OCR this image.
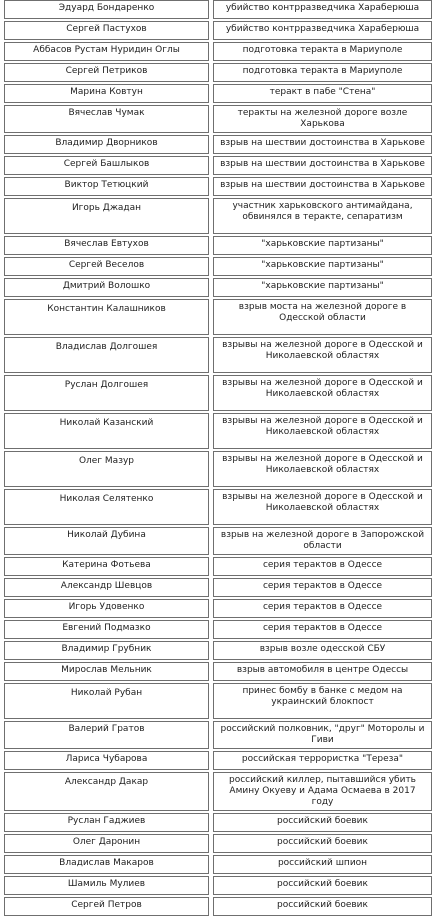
Эдуард Бондаренко	убийство контрразведчика Хараберюша
Сергей Пастухов	убийство контрразведчика Хараберюша
Аббасов Рустам Нуридин Оглы	подготовка теракта в Мариуполе
Сергей Петриков	подготовка теракта в Мариуполе
Марина Ковтун	теракт в пабе "Стена"
Вячеслав Чумак	теракты на железной дороге возле Харькова
Владимир Дворников	взрыв на шествии достоинства в Харькове
Сергей Башлыков	взрыв на шествии достоинства в Харькове
Виктор Тетюцкий	взрыв на шествии достоинства в Харькове
Игорь Джадан	участник харьковского антимайдана, обвинялся в теракте, сепаратизм
Вячеслав Евтухов	"харьковские партизаны"
Сергей Веселов	"харьковские партизаны"
Дмитрий Волошко	"харьковские партизаны"
Константин Калашников	взрыв моста на железной дороге в Одесской области
Владислав Долгошея	взрывы на железной дороге в Одесской и Николаевской областях
Руслан Долгошея	взрывы на железной дороге в Одесской и Николаевской областях
Николай Казанский	взрывы на железной дороге в Одесской и Николаевской областях
Олег Мазур	взрывы на железной дороге в Одесской и Николаевской областях
Николая Селятенко	взрывы на железной дороге в Одесской и Николаевской областях
Николай Дубина	взрыв на железной дороге в Запорожской области
Катерина Фотьева	серия терактов в Одессе
Александр Шевцов	серия терактов в Одессе
Игорь Удовенко	серия терактов в Одессе
Евгений Подмазко	серия терактов в Одессе
Владимир Грубник	взрыв возле одесской СБУ
Мирослав Мельник	взрыв автомобиля в центре Одессы
Николай Рубан	принес бомбу в банке с медом на украинский блокпост
Валерий Гратов	российский полковник, "друг" Моторолы и Гиви
Лариса Чубарова	российская террористка "Тереза"
Александр Дакар	российский киллер, пытавшийся убить Амину Окуеву и Адама Осмаева в 2017 году
Руслан Гаджиев	российский боевик
Олег Даронин	российский боевик
Владислав Макаров	российский шпион
Шамиль Мулиев	российский боевик
Сергей Петров	российский боевик
